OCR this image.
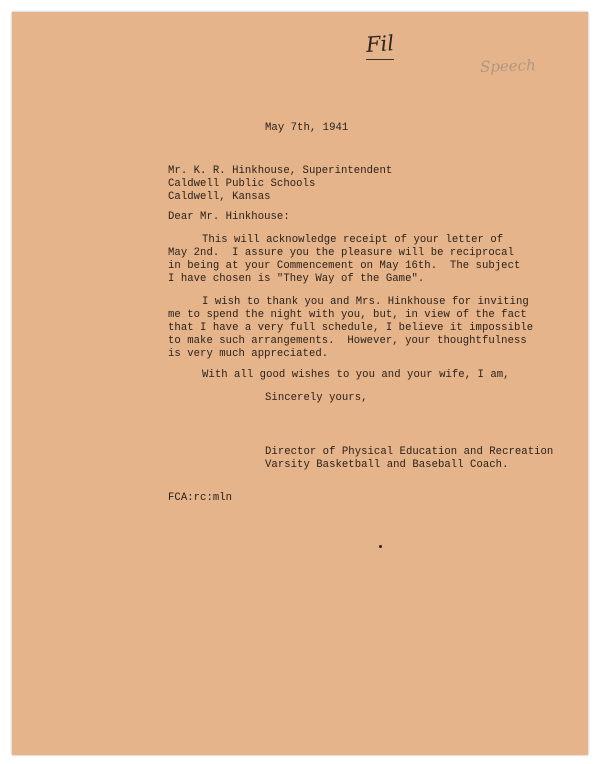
Fil
Speech
May 7th, 1941
Mr. K. R. Hinkhouse, Superintendent
Caldwell Public Schools
Caldwell, Kansas
Dear Mr. Hinkhouse:
This will acknowledge receipt of your letter of
May 2nd.  I assure you the pleasure will be reciprocal
in being at your Commencement on May 16th.  The subject
I have chosen is "They Way of the Game".
I wish to thank you and Mrs. Hinkhouse for inviting
me to spend the night with you, but, in view of the fact
that I have a very full schedule, I believe it impossible
to make such arrangements.  However, your thoughtfulness
is very much appreciated.
With all good wishes to you and your wife, I am,
Sincerely yours,
Director of Physical Education and Recreation
Varsity Basketball and Baseball Coach.
FCA:rc:mln
